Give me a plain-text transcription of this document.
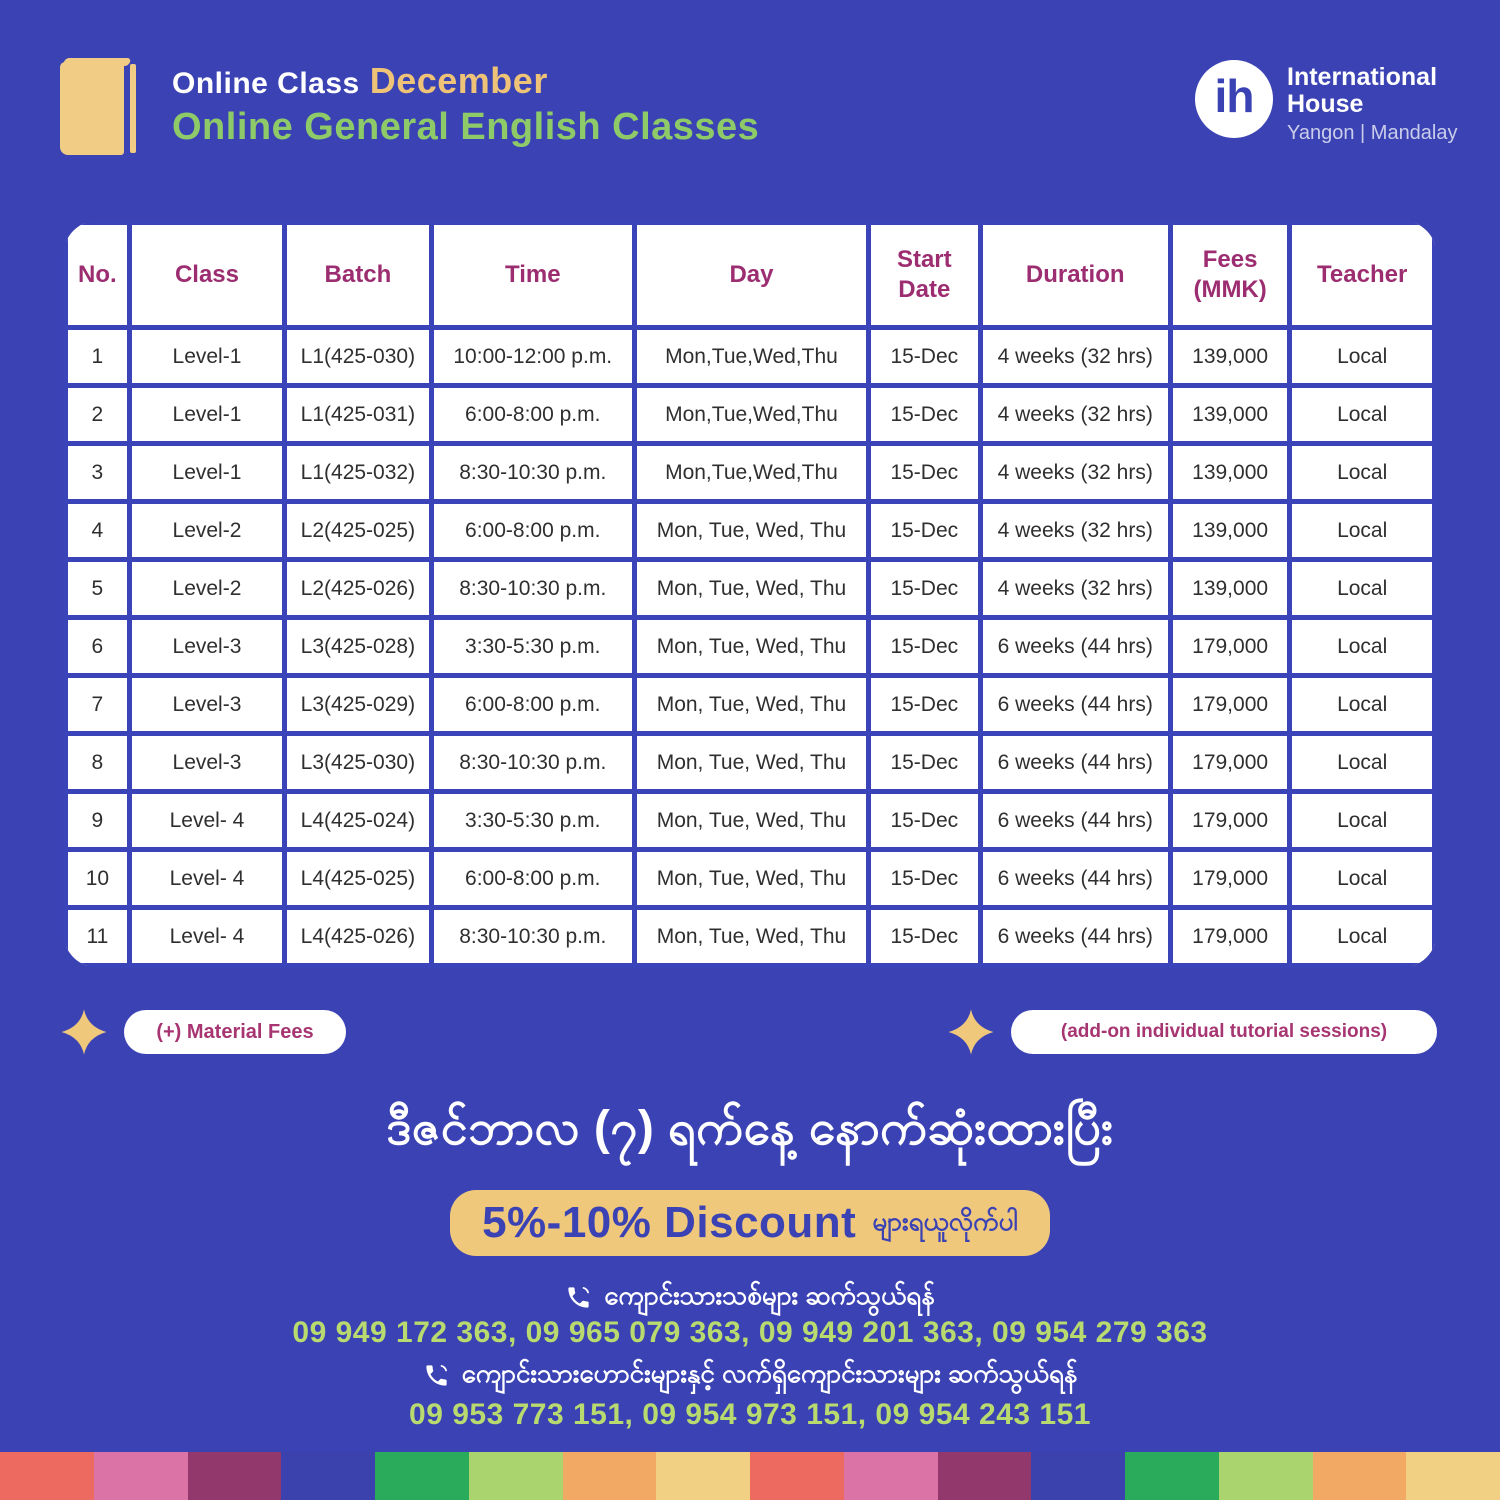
Online Class December
Online General English Classes
ih International
House
Yangon | Mandalay
No.	Class	Batch	Time	Day	Start Date	Duration	Fees (MMK)	Teacher
1	Level-1	L1(425-030)	10:00-12:00 p.m.	Mon,Tue,Wed,Thu	15-Dec	4 weeks (32 hrs)	139,000	Local
2	Level-1	L1(425-031)	6:00-8:00 p.m.	Mon,Tue,Wed,Thu	15-Dec	4 weeks (32 hrs)	139,000	Local
3	Level-1	L1(425-032)	8:30-10:30 p.m.	Mon,Tue,Wed,Thu	15-Dec	4 weeks (32 hrs)	139,000	Local
4	Level-2	L2(425-025)	6:00-8:00 p.m.	Mon, Tue, Wed, Thu	15-Dec	4 weeks (32 hrs)	139,000	Local
5	Level-2	L2(425-026)	8:30-10:30 p.m.	Mon, Tue, Wed, Thu	15-Dec	4 weeks (32 hrs)	139,000	Local
6	Level-3	L3(425-028)	3:30-5:30 p.m.	Mon, Tue, Wed, Thu	15-Dec	6 weeks (44 hrs)	179,000	Local
7	Level-3	L3(425-029)	6:00-8:00 p.m.	Mon, Tue, Wed, Thu	15-Dec	6 weeks (44 hrs)	179,000	Local
8	Level-3	L3(425-030)	8:30-10:30 p.m.	Mon, Tue, Wed, Thu	15-Dec	6 weeks (44 hrs)	179,000	Local
9	Level- 4	L4(425-024)	3:30-5:30 p.m.	Mon, Tue, Wed, Thu	15-Dec	6 weeks (44 hrs)	179,000	Local
10	Level- 4	L4(425-025)	6:00-8:00 p.m.	Mon, Tue, Wed, Thu	15-Dec	6 weeks (44 hrs)	179,000	Local
11	Level- 4	L4(425-026)	8:30-10:30 p.m.	Mon, Tue, Wed, Thu	15-Dec	6 weeks (44 hrs)	179,000	Local
(+) Material Fees	(add-on individual tutorial sessions)
ဒီဇင်ဘာလ (၇) ရက်နေ့ နောက်ဆုံးထားပြီး
5%-10% Discount များရယူလိုက်ပါ
ကျောင်းသားသစ်များ ဆက်သွယ်ရန်
09 949 172 363, 09 965 079 363, 09 949 201 363, 09 954 279 363
ကျောင်းသားဟောင်းများနှင့် လက်ရှိကျောင်းသားများ ဆက်သွယ်ရန်
09 953 773 151, 09 954 973 151, 09 954 243 151
